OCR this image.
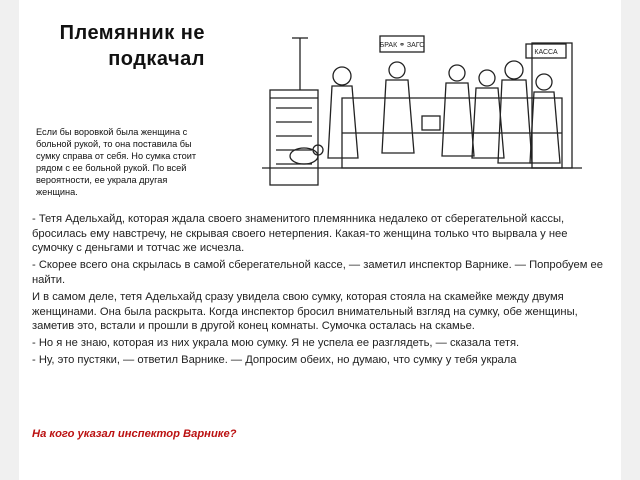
Племянник не подкачал
Если бы воровкой была женщина с больной рукой, то она поставила бы сумку справа от себя. Но сумка стоит рядом с ее больной рукой. По всей вероятности, ее украла другая женщина.
БРАК ⚭ ЗАГС
КАССА

- Тетя Адельхайд, которая ждала своего знаменитого племянника недалеко от сберегательной кассы, бросилась ему навстречу, не скрывая своего нетерпения. Какая-то женщина только что вырвала у нее сумочку с деньгами и тотчас же исчезла.

- Скорее всего она скрылась в самой сберегательной кассе, — заметил инспектор Варнике. — Попробуем ее найти.

И в самом деле, тетя Адельхайд сразу увидела свою сумку, которая стояла на скамейке между двумя женщинами. Она была раскрыта. Когда инспектор бросил внимательный взгляд на сумку, обе женщины, заметив это, встали и прошли в другой конец комнаты. Сумочка осталась на скамье.

- Но я не знаю, которая из них украла мою сумку. Я не успела ее разглядеть, — сказала тетя.

- Ну, это пустяки, — ответил Варнике. — Допросим обеих, но думаю, что сумку у тебя украла

На кого указал инспектор Варнике?
